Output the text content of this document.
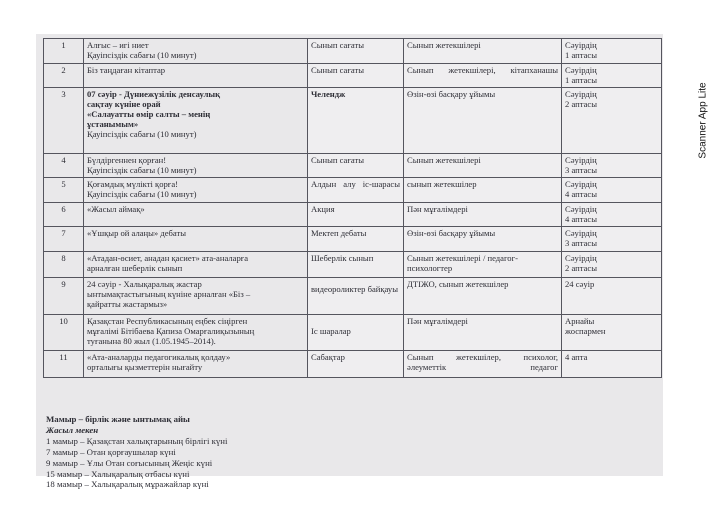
1	Алғыс – игі ниет
Қауіпсіздік сабағы (10 минут)	Сынып сағаты	Сынып жетекшілері	Сәуірдің
1 аптасы

2	Біз таңдаған кітаптар	Сынып сағаты	Сынып жетекшілері, кітапханашы	Сәуірдің
1 аптасы

3	07 сәуір - Дүниежүзілік денсаулық
сақтау күніне орай
«Салауатты өмір салты – менің
ұстанымым»
Қауіпсіздік сабағы (10 минут)	Челендж	Өзін-өзі басқару ұйымы	Сәуірдің
2 аптасы

4	Бүлдіргеннен қорған!
Қауіпсіздік сабағы (10 минут)	Сынып сағаты	Сынып жетекшілері	Сәуірдің
3 аптасы

5	Қоғамдық мүлікті қорға!
Қауіпсіздік сабағы (10 минут)	Алдын алу іс-шарасы	сынып жетекшілер	Сәуірдің
4 аптасы

6	«Жасыл аймақ»	Акция	Пән мұғалімдері	Сәуірдің
4 аптасы

7	«Ұшқыр ой алаңы» дебаты	Мектеп дебаты	Өзін-өзі басқару ұйымы	Сәуірдің
3 аптасы

8	«Атадан-өсиет, анадан қасиет» ата-аналарға
арналған шеберлік сынып	Шеберлік сынып	Сынып жетекшілері / педагог-психологтер	Сәуірдің
2 аптасы

9	24 сәуір - Халықаралық жастар
ынтымақтастығының күніне арналған «Біз –
қайратты жастармыз»	видеороликтер байқауы	ДТІЖО, сынып жетекшілер	24 сәуір

10	Қазақстан Республикасының еңбек сіңірген
мұғалімі Бітібаева Қапиза Омарғалиқызының
туғанына 80 жыл (1.05.1945–2014).	Іс шаралар	Пән мұғалімдері	Арнайы
жоспармен

11	«Ата-аналарды педагогикалық қолдау»
орталығы қызметтерін нығайту	Сабақтар	Сынып жетекшілер, психолог, әлеуметтік педагог	4 апта
Мамыр – бірлік және ынтымақ айы
Жасыл мекен
1 мамыр – Қазақстан халықтарының бірлігі күні
7 мамыр – Отан қорғаушылар күні
9 мамыр – Ұлы Отан соғысының Жеңіс күні
15 мамыр – Халықаралық отбасы күні
18 мамыр – Халықаралық мұражайлар күні
Scanner App Lite
